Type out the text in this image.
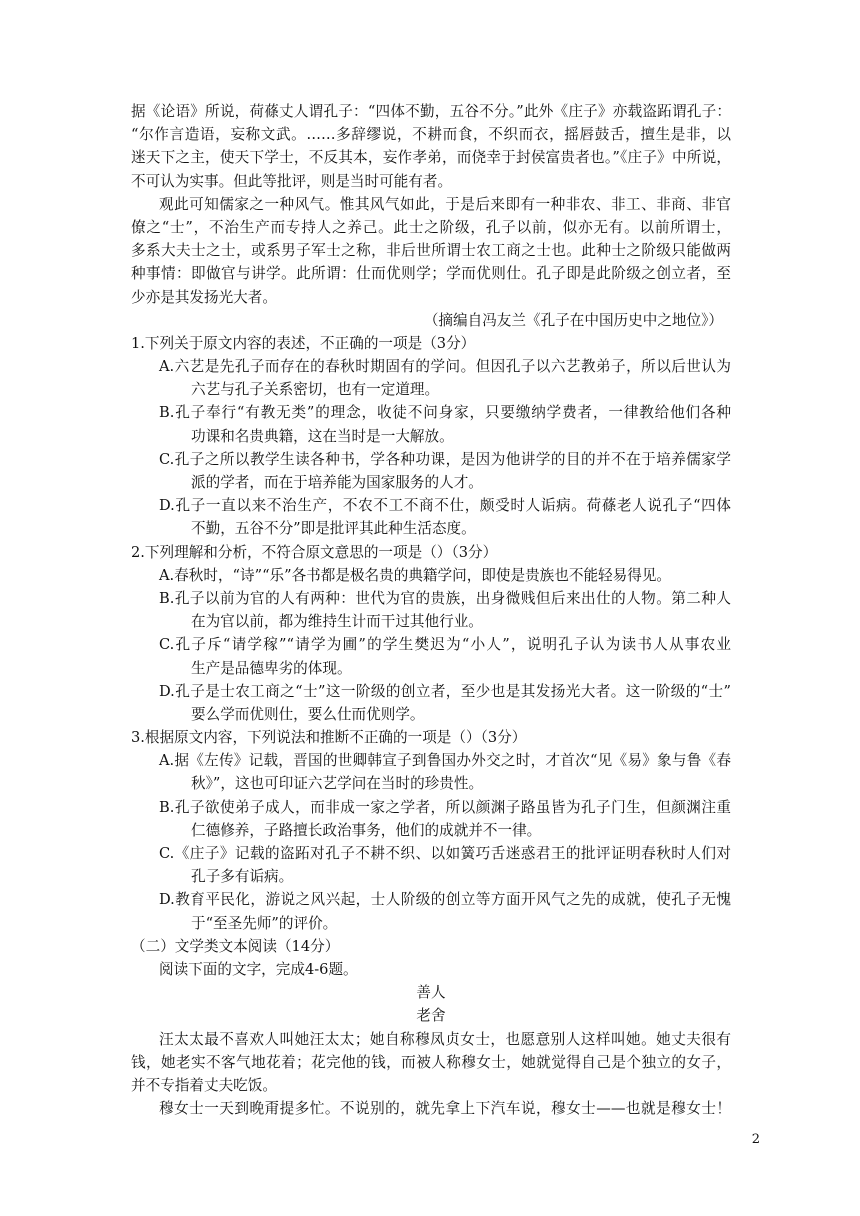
据《论语》所说，荷蓧丈人谓孔子：“四体不勤，五谷不分。”此外《庄子》亦载盗跖谓孔子：
“尔作言造语，妄称文武。……多辞缪说，不耕而食，不织而衣，摇唇鼓舌，擅生是非，以
迷天下之主，使天下学士，不反其本，妄作孝弟，而侥幸于封侯富贵者也。”《庄子》中所说，
不可认为实事。但此等批评，则是当时可能有者。
观此可知儒家之一种风气。惟其风气如此，于是后来即有一种非农、非工、非商、非官
僚之“士”，不治生产而专持人之养己。此士之阶级，孔子以前，似亦无有。以前所谓士，
多系大夫士之士，或系男子军士之称，非后世所谓士农工商之士也。此种士之阶级只能做两
种事情：即做官与讲学。此所谓：仕而优则学；学而优则仕。孔子即是此阶级之创立者，至
少亦是其发扬光大者。
（摘编自冯友兰《孔子在中国历史中之地位》）
1.下列关于原文内容的表述，不正确的一项是（3分）
A.六艺是先孔子而存在的春秋时期固有的学问。但因孔子以六艺教弟子，所以后世认为
六艺与孔子关系密切，也有一定道理。
B.孔子奉行“有教无类”的理念，收徒不问身家，只要缴纳学费者，一律教给他们各种
功课和名贵典籍，这在当时是一大解放。
C.孔子之所以教学生读各种书，学各种功课，是因为他讲学的目的并不在于培养儒家学
派的学者，而在于培养能为国家服务的人才。
D.孔子一直以来不治生产，不农不工不商不仕，颇受时人诟病。荷蓧老人说孔子“四体
不勤，五谷不分”即是批评其此种生活态度。
2.下列理解和分析，不符合原文意思的一项是（）（3分）
A.春秋时，“诗”“乐”各书都是极名贵的典籍学问，即使是贵族也不能轻易得见。
B.孔子以前为官的人有两种：世代为官的贵族，出身微贱但后来出仕的人物。第二种人
在为官以前，都为维持生计而干过其他行业。
C.孔子斥“请学稼”“请学为圃”的学生樊迟为“小人”，说明孔子认为读书人从事农业
生产是品德卑劣的体现。
D.孔子是士农工商之“士”这一阶级的创立者，至少也是其发扬光大者。这一阶级的“士”
要么学而优则仕，要么仕而优则学。
3.根据原文内容，下列说法和推断不正确的一项是（）（3分）
A.据《左传》记载，晋国的世卿韩宣子到鲁国办外交之时，才首次“见《易》象与鲁《春
秋》”，这也可印证六艺学问在当时的珍贵性。
B.孔子欲使弟子成人，而非成一家之学者，所以颜渊子路虽皆为孔子门生，但颜渊注重
仁德修养，子路擅长政治事务，他们的成就并不一律。
C.《庄子》记载的盗跖对孔子不耕不织、以如簧巧舌迷惑君王的批评证明春秋时人们对
孔子多有诟病。
D.教育平民化，游说之风兴起，士人阶级的创立等方面开风气之先的成就，使孔子无愧
于“至圣先师”的评价。
（二）文学类文本阅读（14分）
阅读下面的文字，完成4-6题。
善人
老舍
汪太太最不喜欢人叫她汪太太；她自称穆凤贞女士，也愿意别人这样叫她。她丈夫很有
钱，她老实不客气地花着；花完他的钱，而被人称穆女士，她就觉得自己是个独立的女子，
并不专指着丈夫吃饭。
穆女士一天到晚甭提多忙。不说别的，就先拿上下汽车说，穆女士——也就是穆女士！
2
